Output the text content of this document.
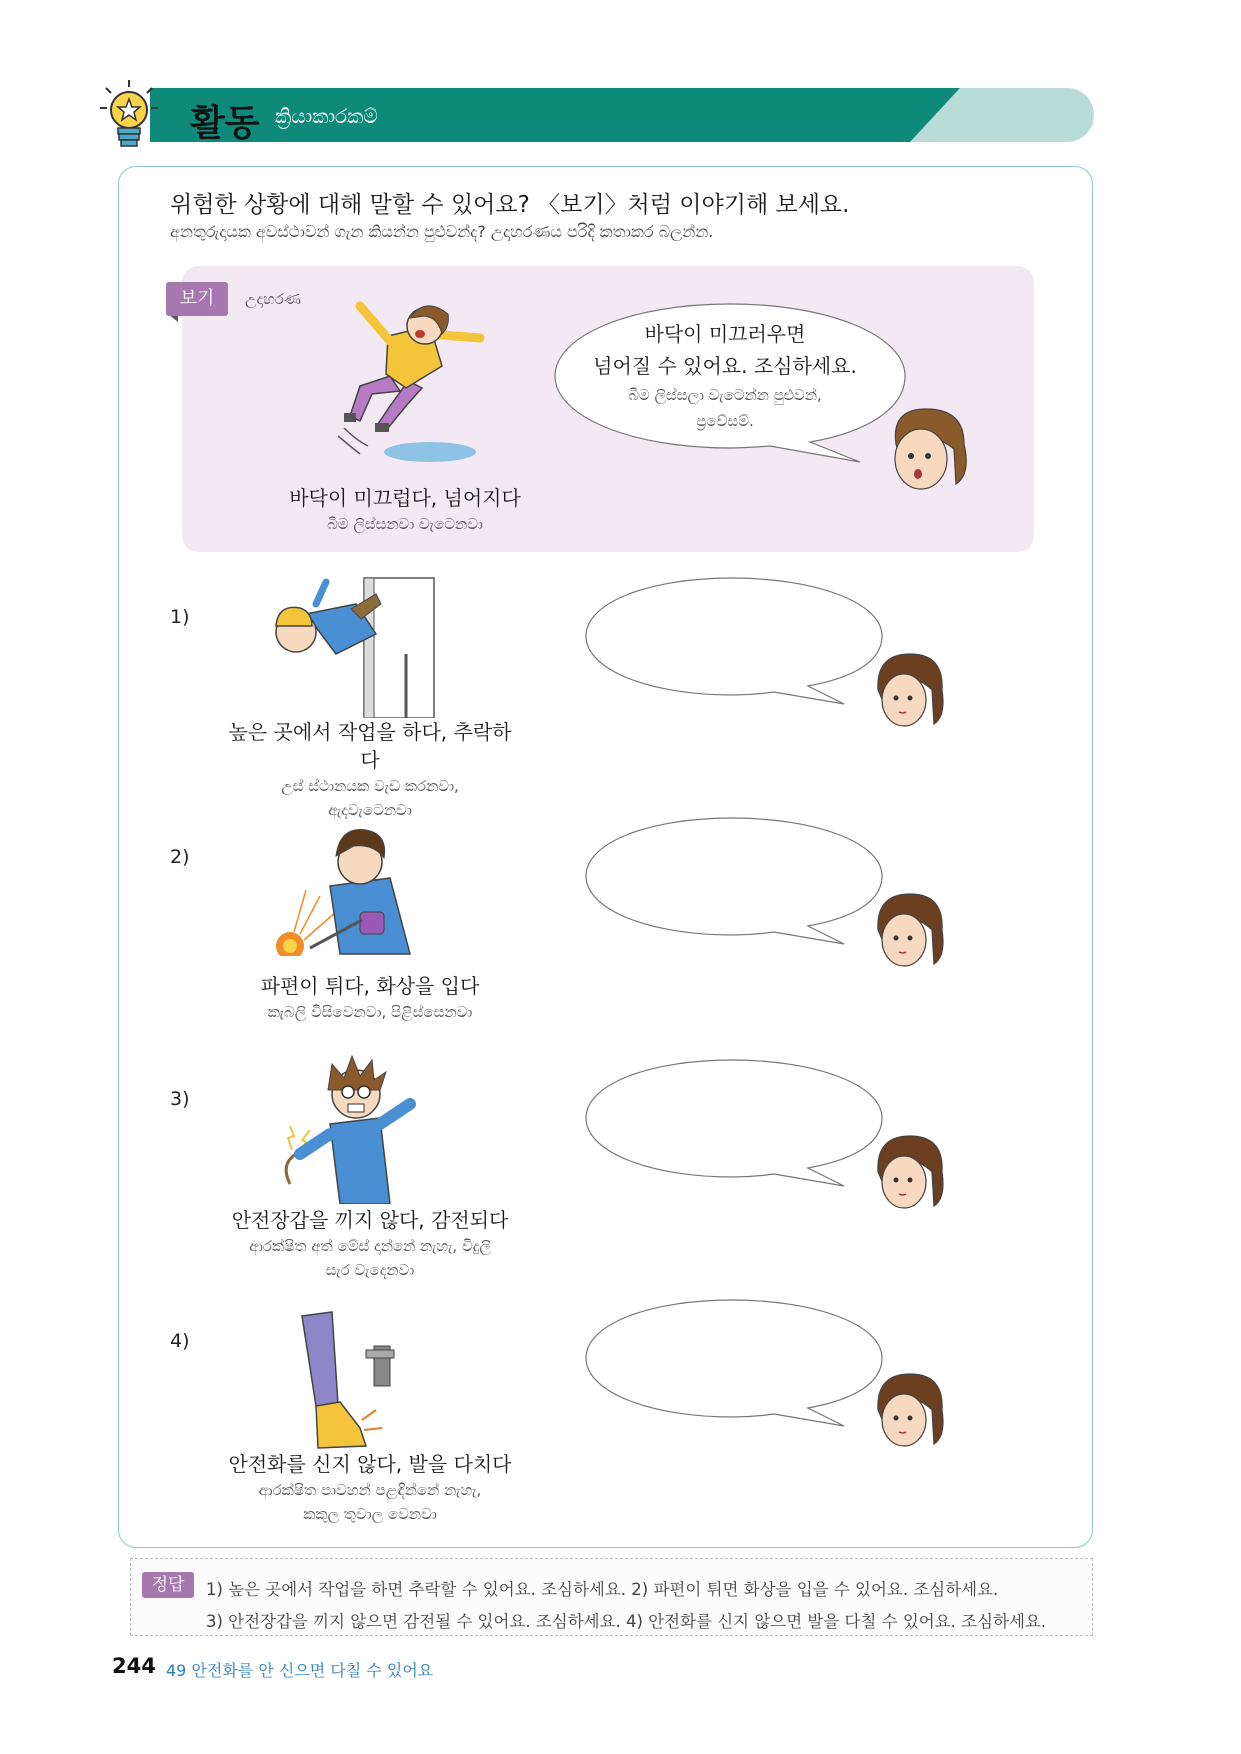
활동 ක්‍රියාකාරකම්
위험한 상황에 대해 말할 수 있어요? 〈보기〉처럼 이야기해 보세요.
අනතුරුදායක අවස්ථාවන් ගැන කියන්න පුළුවන්ද? උදාහරණය පරිදි කතාකර බලන්න.
보기	උදාහරණ
바닥이 미끄럽다, 넘어지다
බිම ලිස්සනවා වැටෙනවා
바닥이 미끄러우면
넘어질 수 있어요. 조심하세요.
බිම ලිස්සලා වැටෙන්න පුළුවන්,
ප්‍රවේසම්.
1)
높은 곳에서 작업을 하다, 추락하다
උස් ස්ථානයක වැඩ කරනවා,
ඇදවැටෙනවා
2)
파편이 튀다, 화상을 입다
කැබලි විසිවෙනවා, පිළිස්සෙනවා
3)
안전장갑을 끼지 않다, 감전되다
ආරක්ෂිත අත් මේස් දාන්නේ නැහැ, විදුලි
සැර වැදෙනවා
4)
안전화를 신지 않다, 발을 다치다
ආරක්ෂිත පාවහන් පළඳින්නේ නැහැ,
කකුල තුවාල වෙනවා
정답	1) 높은 곳에서 작업을 하면 추락할 수 있어요. 조심하세요. 2) 파편이 튀면 화상을 입을 수 있어요. 조심하세요.
3) 안전장갑을 끼지 않으면 감전될 수 있어요. 조심하세요. 4) 안전화를 신지 않으면 발을 다칠 수 있어요. 조심하세요.
244 49 안전화를 안 신으면 다칠 수 있어요
